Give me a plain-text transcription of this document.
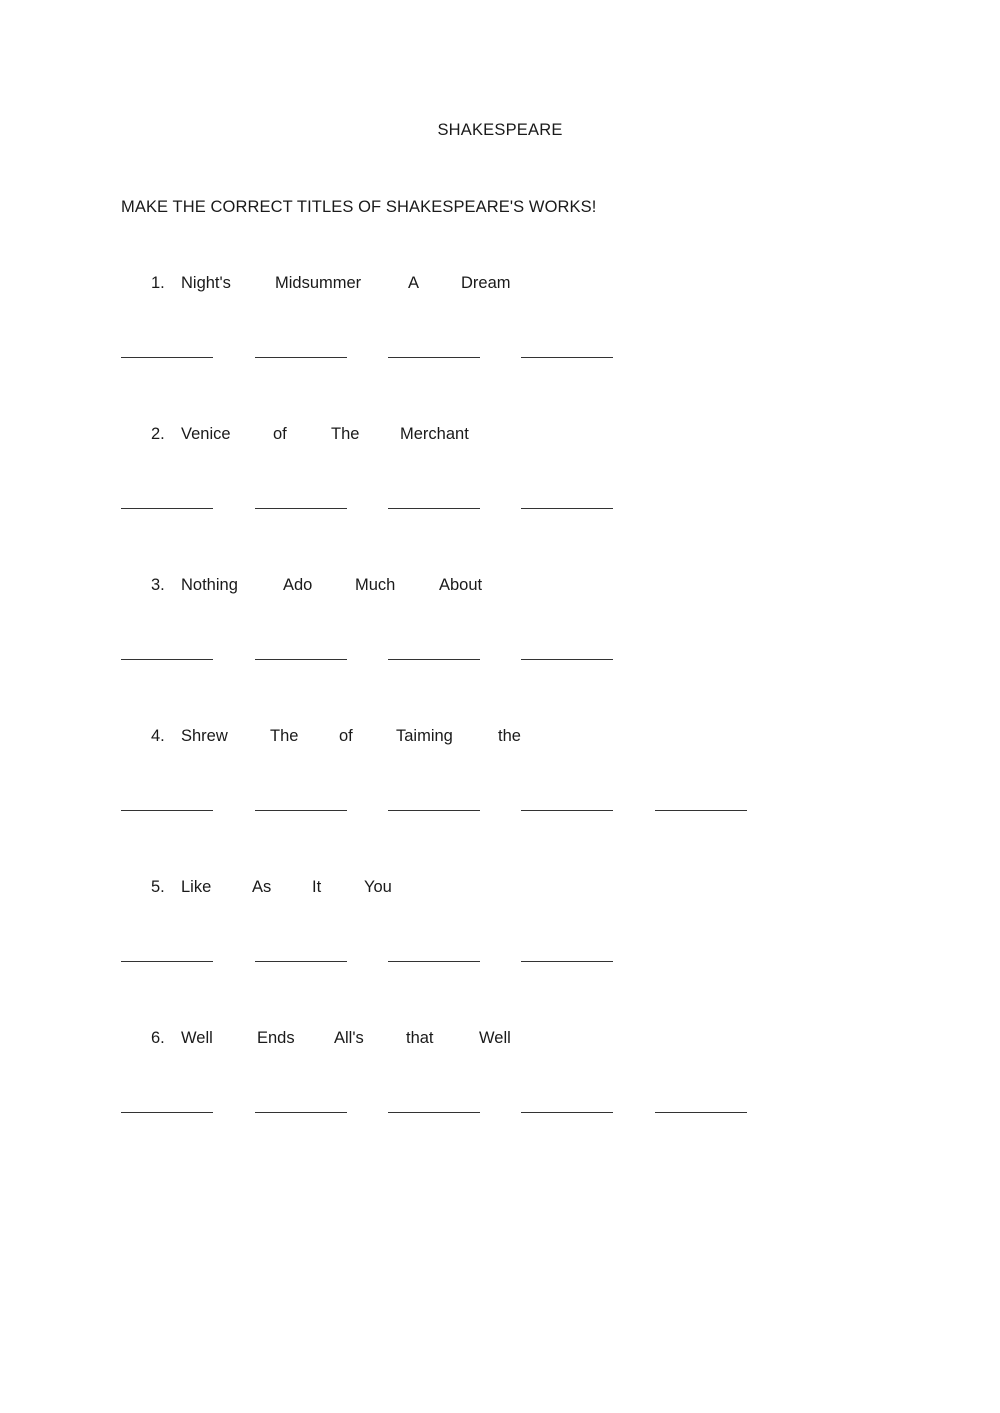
SHAKESPEARE
MAKE THE CORRECT TITLES OF SHAKESPEARE'S WORKS!
1. Night's	Midsummer	A	Dream
2. Venice	of	The Merchant
3. Nothing	Ado	Much	About
4. Shrew	The of	Taiming	the
5. Like As It	You
6. Well	Ends All's	that	Well
